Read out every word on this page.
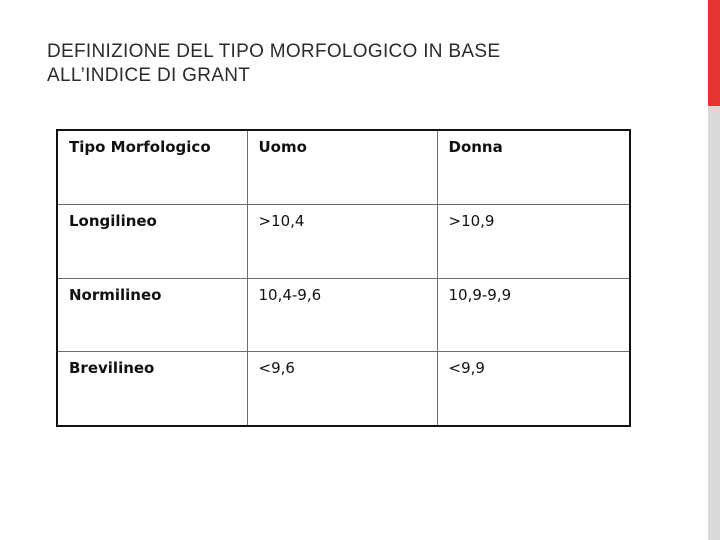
DEFINIZIONE DEL TIPO MORFOLOGICO IN BASE
ALL’INDICE DI GRANT
Tipo Morfologico	Uomo	Donna
Longilineo	>10,4	>10,9
Normilineo	10,4-9,6	10,9-9,9
Brevilineo	<9,6	<9,9
